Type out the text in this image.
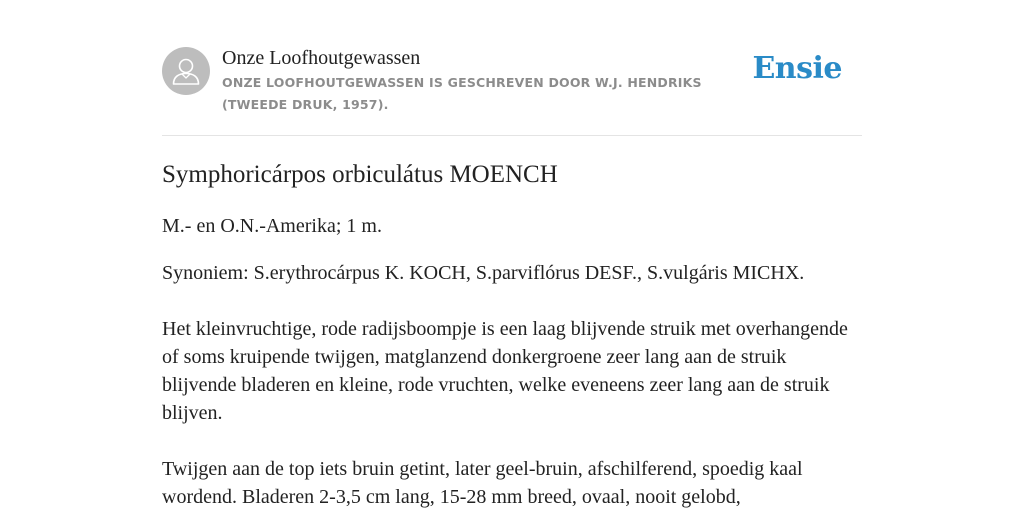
Onze Loofhoutgewassen
ONZE LOOFHOUTGEWASSEN IS GESCHREVEN DOOR W.J. HENDRIKS (TWEEDE DRUK, 1957).
Ensie
Symphoricárpos orbiculátus MOENCH

M.- en O.N.-Amerika; 1 m.

Synoniem: S.erythrocárpus K. KOCH, S.parviflórus DESF., S.vulgáris MICHX.

Het kleinvruchtige, rode radijsboompje is een laag blijvende struik met overhangende of soms kruipende twijgen, matglanzend donkergroene zeer lang aan de struik blijvende bladeren en kleine, rode vruchten, welke eveneens zeer lang aan de struik blijven.

Twijgen aan de top iets bruin getint, later geel-bruin, afschilferend, spoedig kaal wordend. Bladeren 2-3,5 cm lang, 15-28 mm breed, ovaal, nooit gelobd,
